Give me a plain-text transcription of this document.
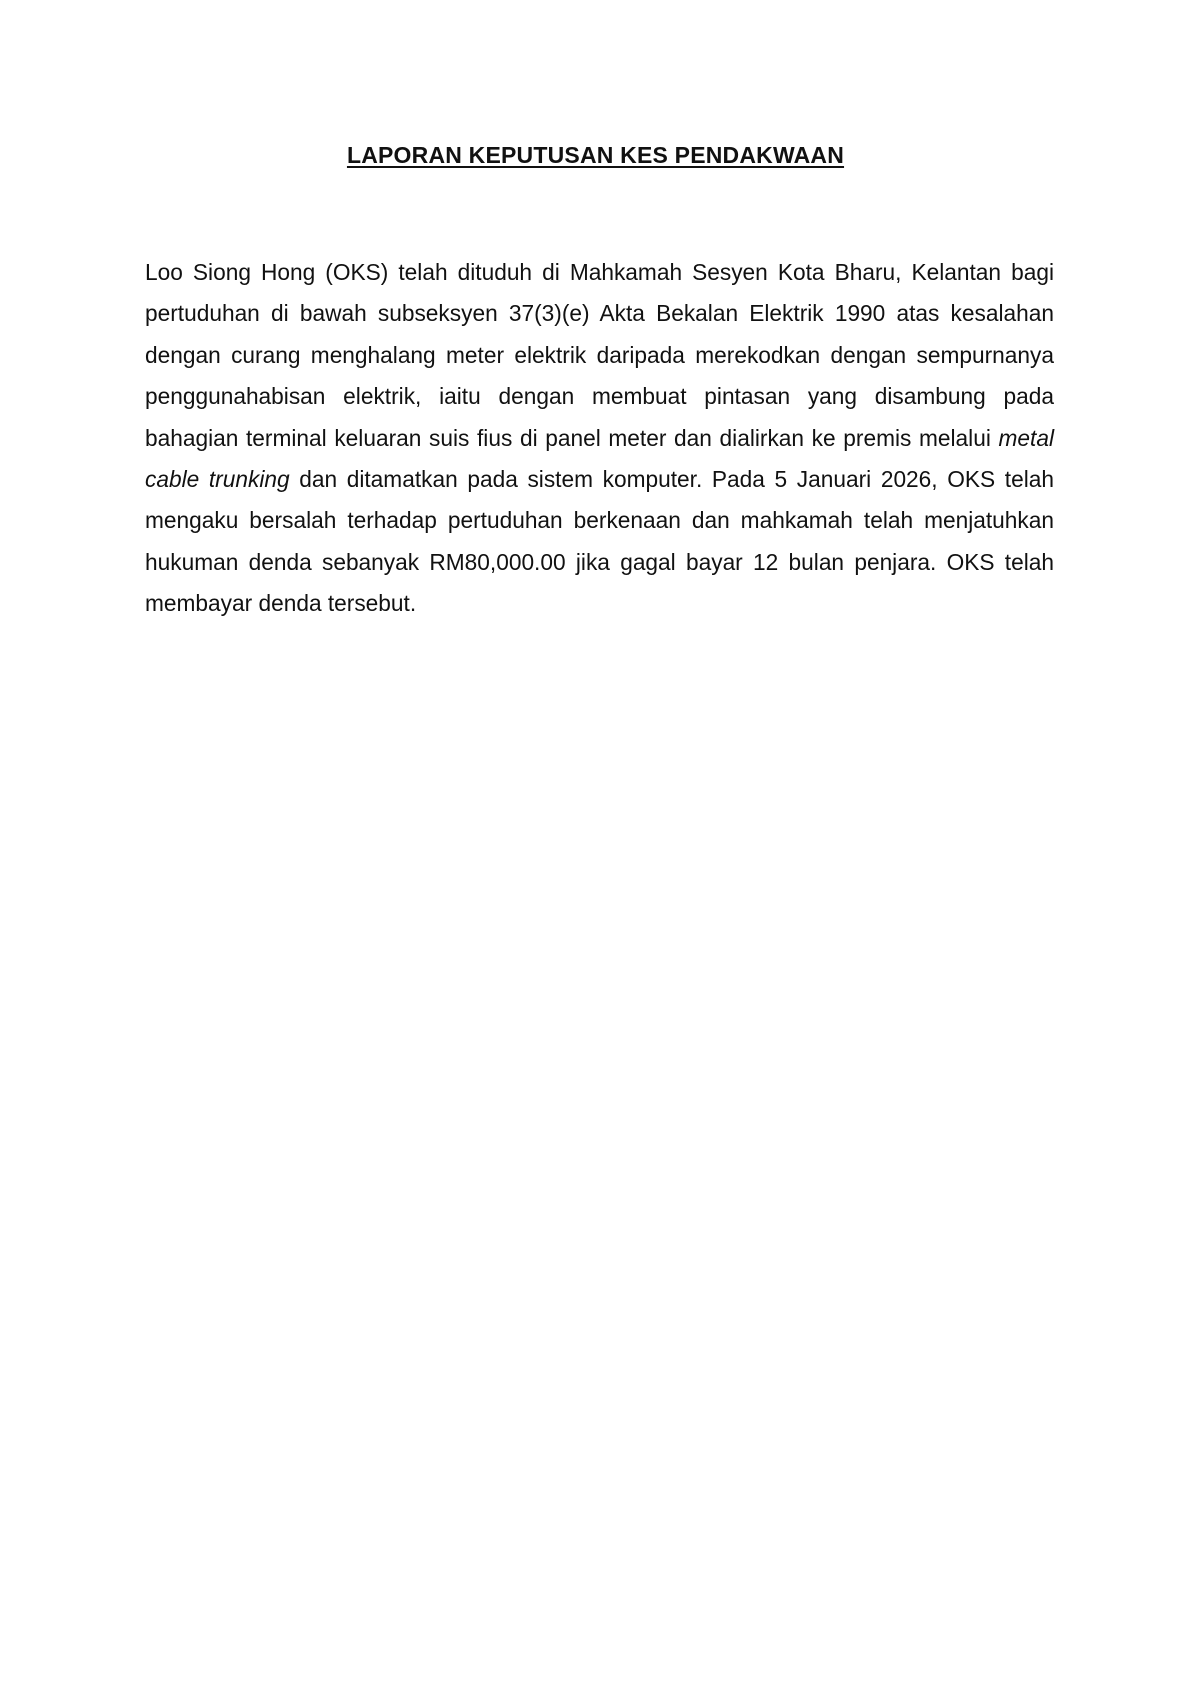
LAPORAN KEPUTUSAN KES PENDAKWAAN

Loo Siong Hong (OKS) telah dituduh di Mahkamah Sesyen Kota Bharu, Kelantan bagi pertuduhan di bawah subseksyen 37(3)(e) Akta Bekalan Elektrik 1990 atas kesalahan dengan curang menghalang meter elektrik daripada merekodkan dengan sempurnanya penggunahabisan elektrik, iaitu dengan membuat pintasan yang disambung pada bahagian terminal keluaran suis fius di panel meter dan dialirkan ke premis melalui metal cable trunking dan ditamatkan pada sistem komputer. Pada 5 Januari 2026, OKS telah mengaku bersalah terhadap pertuduhan berkenaan dan mahkamah telah menjatuhkan hukuman denda sebanyak RM80,000.00 jika gagal bayar 12 bulan penjara. OKS telah membayar denda tersebut.
